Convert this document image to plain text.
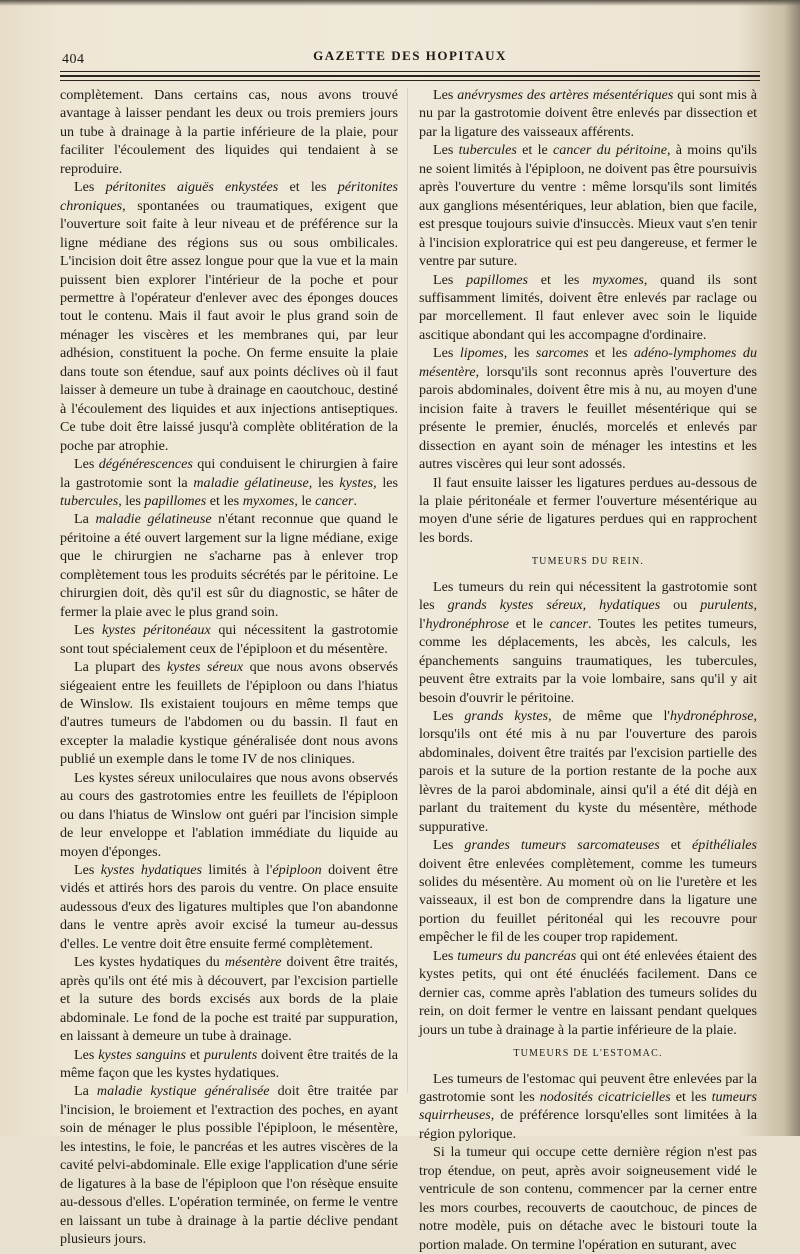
404	GAZETTE DES HOPITAUX

complètement. Dans certains cas, nous avons trouvé avantage à laisser pendant les deux ou trois premiers jours un tube à drainage à la partie inférieure de la plaie, pour faciliter l'écoulement des liquides qui tendaient à se reproduire.

Les péritonites aiguës enkystées et les péritonites chroniques, spontanées ou traumatiques, exigent que l'ouverture soit faite à leur niveau et de préférence sur la ligne médiane des régions sus ou sous ombilicales. L'incision doit être assez longue pour que la vue et la main puissent bien explorer l'intérieur de la poche et pour permettre à l'opérateur d'enlever avec des éponges douces tout le contenu. Mais il faut avoir le plus grand soin de ménager les viscères et les membranes qui, par leur adhésion, constituent la poche. On ferme ensuite la plaie dans toute son étendue, sauf aux points déclives où il faut laisser à demeure un tube à drainage en caoutchouc, destiné à l'écoulement des liquides et aux injections antiseptiques. Ce tube doit être laissé jusqu'à complète oblitération de la poche par atrophie.

Les dégénérescences qui conduisent le chirurgien à faire la gastrotomie sont la maladie gélatineuse, les kystes, les tubercules, les papillomes et les myxomes, le cancer.

La maladie gélatineuse n'étant reconnue que quand le péritoine a été ouvert largement sur la ligne médiane, exige que le chirurgien ne s'acharne pas à enlever trop complètement tous les produits sécrétés par le péritoine. Le chirurgien doit, dès qu'il est sûr du diagnostic, se hâter de fermer la plaie avec le plus grand soin.

Les kystes péritonéaux qui nécessitent la gastrotomie sont tout spécialement ceux de l'épiploon et du mésentère.

La plupart des kystes séreux que nous avons observés siégeaient entre les feuillets de l'épiploon ou dans l'hiatus de Winslow. Ils existaient toujours en même temps que d'autres tumeurs de l'abdomen ou du bassin. Il faut en excepter la maladie kystique généralisée dont nous avons publié un exemple dans le tome IV de nos cliniques.

Les kystes séreux uniloculaires que nous avons observés au cours des gastrotomies entre les feuillets de l'épiploon ou dans l'hiatus de Winslow ont guéri par l'incision simple de leur enveloppe et l'ablation immédiate du liquide au moyen d'éponges.

Les kystes hydatiques limités à l'épiploon doivent être vidés et attirés hors des parois du ventre. On place ensuite audessous d'eux des ligatures multiples que l'on abandonne dans le ventre après avoir excisé la tumeur au-dessus d'elles. Le ventre doit être ensuite fermé complètement.

Les kystes hydatiques du mésentère doivent être traités, après qu'ils ont été mis à découvert, par l'excision partielle et la suture des bords excisés aux bords de la plaie abdominale. Le fond de la poche est traité par suppuration, en laissant à demeure un tube à drainage.

Les kystes sanguins et purulents doivent être traités de la même façon que les kystes hydatiques.

La maladie kystique généralisée doit être traitée par l'incision, le broiement et l'extraction des poches, en ayant soin de ménager le plus possible l'épiploon, le mésentère, les intestins, le foie, le pancréas et les autres viscères de la cavité pelvi-abdominale. Elle exige l'application d'une série de ligatures à la base de l'épiploon que l'on résèque ensuite au-dessous d'elles. L'opération terminée, on ferme le ventre en laissant un tube à drainage à la partie déclive pendant plusieurs jours.

Les anévrysmes des artères mésentériques qui sont mis à nu par la gastrotomie doivent être enlevés par dissection et par la ligature des vaisseaux afférents.

Les tubercules et le cancer du péritoine, à moins qu'ils ne soient limités à l'épiploon, ne doivent pas être poursuivis après l'ouverture du ventre : même lorsqu'ils sont limités aux ganglions mésentériques, leur ablation, bien que facile, est presque toujours suivie d'insuccès. Mieux vaut s'en tenir à l'incision exploratrice qui est peu dangereuse, et fermer le ventre par suture.

Les papillomes et les myxomes, quand ils sont suffisamment limités, doivent être enlevés par raclage ou par morcellement. Il faut enlever avec soin le liquide ascitique abondant qui les accompagne d'ordinaire.

Les lipomes, les sarcomes et les adéno-lymphomes du mésentère, lorsqu'ils sont reconnus après l'ouverture des parois abdominales, doivent être mis à nu, au moyen d'une incision faite à travers le feuillet mésentérique qui se présente le premier, énuclés, morcelés et enlevés par dissection en ayant soin de ménager les intestins et les autres viscères qui leur sont adossés.

Il faut ensuite laisser les ligatures perdues au-dessous de la plaie péritonéale et fermer l'ouverture mésentérique au moyen d'une série de ligatures perdues qui en rapprochent les bords.

TUMEURS DU REIN.

Les tumeurs du rein qui nécessitent la gastrotomie sont les grands kystes séreux, hydatiques ou purulents, l'hydronéphrose et le cancer. Toutes les petites tumeurs, comme les déplacements, les abcès, les calculs, les épanchements sanguins traumatiques, les tubercules, peuvent être extraits par la voie lombaire, sans qu'il y ait besoin d'ouvrir le péritoine.

Les grands kystes, de même que l'hydronéphrose, lorsqu'ils ont été mis à nu par l'ouverture des parois abdominales, doivent être traités par l'excision partielle des parois et la suture de la portion restante de la poche aux lèvres de la paroi abdominale, ainsi qu'il a été dit déjà en parlant du traitement du kyste du mésentère, méthode suppurative.

Les grandes tumeurs sarcomateuses et épithéliales doivent être enlevées complètement, comme les tumeurs solides du mésentère. Au moment où on lie l'uretère et les vaisseaux, il est bon de comprendre dans la ligature une portion du feuillet péritonéal qui les recouvre pour empêcher le fil de les couper trop rapidement.

Les tumeurs du pancréas qui ont été enlevées étaient des kystes petits, qui ont été énucléés facilement. Dans ce dernier cas, comme après l'ablation des tumeurs solides du rein, on doit fermer le ventre en laissant pendant quelques jours un tube à drainage à la partie inférieure de la plaie.

TUMEURS DE L'ESTOMAC.

Les tumeurs de l'estomac qui peuvent être enlevées par la gastrotomie sont les nodosités cicatricielles et les tumeurs squirrheuses, de préférence lorsqu'elles sont limitées à la région pylorique.

Si la tumeur qui occupe cette dernière région n'est pas trop étendue, on peut, après avoir soigneusement vidé le ventricule de son contenu, commencer par la cerner entre les mors courbes, recouverts de caoutchouc, de pinces de notre modèle, puis on détache avec le bistouri toute la portion malade. On termine l'opération en suturant, avec
